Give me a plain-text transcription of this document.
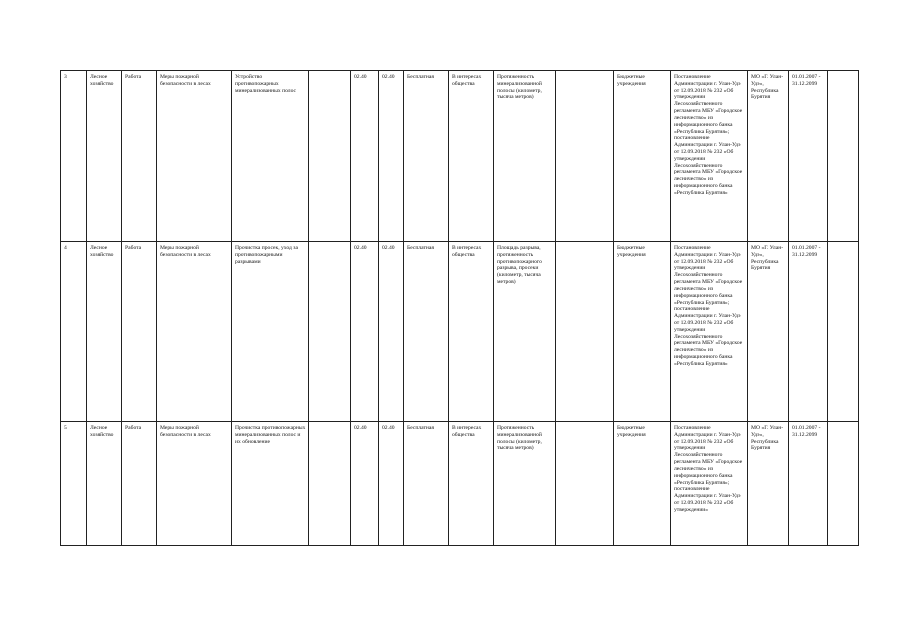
3	Лесное хозяйство	Работа	Меры пожарной безопасности в лесах	Устройство противопожарных минерализованных полос		02.40	02.40	Бесплатная	В интересах общества	Протяженность минерализованной полосы (километр, тысяча метров)		Бюджетные учреждения	Постановление Администрации г. Улан-Удэ от 12.09.2018 № 232 «Об утверждении Лесохозяйственного регламента МБУ «Городское лесничество» из информационного банка «Республика Бурятия»; постановление Администрации г. Улан-Удэ от 12.09.2018 № 232 «Об утверждении Лесохозяйственного регламента МБУ «Городское лесничество» из информационного банка «Республика Бурятия»	МО «Г. Улан-Удэ», Республика Бурятия	01.01.2007 - 31.12.2099	
4	Лесное хозяйство	Работа	Меры пожарной безопасности в лесах	Прочистка просек, уход за противопожарными разрывами		02.40	02.40	Бесплатная	В интересах общества	Площадь разрыва, протяженность противопожарного разрыва, просеки (километр, тысяча метров)		Бюджетные учреждения	Постановление Администрации г. Улан-Удэ от 12.09.2018 № 232 «Об утверждении Лесохозяйственного регламента МБУ «Городское лесничество» из информационного банка «Республика Бурятия»; постановление Администрации г. Улан-Удэ от 12.09.2018 № 232 «Об утверждении Лесохозяйственного регламента МБУ «Городское лесничество» из информационного банка «Республика Бурятия»	МО «Г. Улан-Удэ», Республика Бурятия	01.01.2007 - 31.12.2099	
5	Лесное хозяйство	Работа	Меры пожарной безопасности в лесах	Прочистка противопожарных минерализованных полос и их обновление		02.40	02.40	Бесплатная	В интересах общества	Протяженность минерализованной полосы (километр, тысяча метров)		Бюджетные учреждения	Постановление Администрации г. Улан-Удэ от 12.09.2018 № 232 «Об утверждении Лесохозяйственного регламента МБУ «Городское лесничество» из информационного банка «Республика Бурятия»; постановление Администрации г. Улан-Удэ от 12.09.2018 № 232 «Об утверждении»	МО «Г. Улан-Удэ», Республика Бурятия	01.01.2007 - 31.12.2099	
